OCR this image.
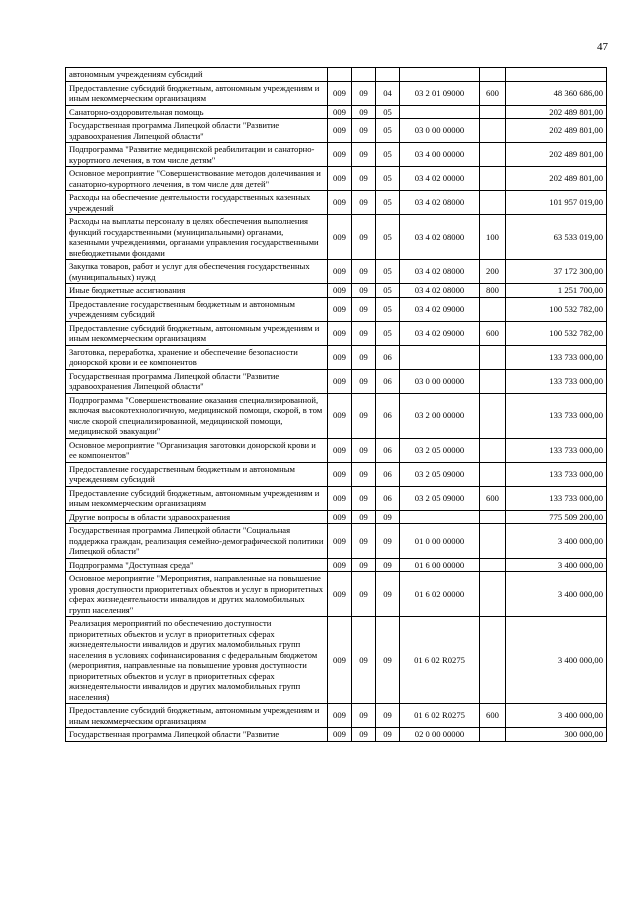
47
автономным учреждениям субсидий						
Предоставление субсидий бюджетным, автономным учреждениям и иным некоммерческим организациям	009	09	04	03 2 01 09000	600	48 360 686,00
Санаторно-оздоровительная помощь	009	09	05			202 489 801,00
Государственная программа Липецкой области "Развитие здравоохранения Липецкой области"	009	09	05	03 0 00 00000		202 489 801,00
Подпрограмма "Развитие медицинской реабилитации и санаторно-курортного лечения, в том числе детям"	009	09	05	03 4 00 00000		202 489 801,00
Основное мероприятие "Совершенствование методов долечивания и санаторно-курортного лечения, в том числе для детей"	009	09	05	03 4 02 00000		202 489 801,00
Расходы на обеспечение деятельности государственных казенных учреждений	009	09	05	03 4 02 08000		101 957 019,00
Расходы на выплаты персоналу в целях обеспечения выполнения функций государственными (муниципальными) органами, казенными учреждениями, органами управления государственными внебюджетными фондами	009	09	05	03 4 02 08000	100	63 533 019,00
Закупка товаров, работ и услуг для обеспечения государственных (муниципальных) нужд	009	09	05	03 4 02 08000	200	37 172 300,00
Иные бюджетные ассигнования	009	09	05	03 4 02 08000	800	1 251 700,00
Предоставление государственным бюджетным и автономным учреждениям субсидий	009	09	05	03 4 02 09000		100 532 782,00
Предоставление субсидий бюджетным, автономным учреждениям и иным некоммерческим организациям	009	09	05	03 4 02 09000	600	100 532 782,00
Заготовка, переработка, хранение и обеспечение безопасности донорской крови и ее компонентов	009	09	06			133 733 000,00
Государственная программа Липецкой области "Развитие здравоохранения Липецкой области"	009	09	06	03 0 00 00000		133 733 000,00
Подпрограмма "Совершенствование оказания специализированной, включая высокотехнологичную, медицинской помощи, скорой, в том числе скорой специализированной, медицинской помощи, медицинской эвакуации"	009	09	06	03 2 00 00000		133 733 000,00
Основное мероприятие "Организация заготовки донорской крови и ее компонентов"	009	09	06	03 2 05 00000		133 733 000,00
Предоставление государственным бюджетным и автономным учреждениям субсидий	009	09	06	03 2 05 09000		133 733 000,00
Предоставление субсидий бюджетным, автономным учреждениям и иным некоммерческим организациям	009	09	06	03 2 05 09000	600	133 733 000,00
Другие вопросы в области здравоохранения	009	09	09			775 509 200,00
Государственная программа Липецкой области "Социальная поддержка граждан, реализация семейно-демографической политики Липецкой области"	009	09	09	01 0 00 00000		3 400 000,00
Подпрограмма "Доступная среда"	009	09	09	01 6 00 00000		3 400 000,00
Основное мероприятие "Мероприятия, направленные на повышение уровня доступности приоритетных объектов и услуг в приоритетных сферах жизнедеятельности инвалидов и других маломобильных групп населения"	009	09	09	01 6 02 00000		3 400 000,00
Реализация мероприятий по обеспечению доступности приоритетных объектов и услуг в приоритетных сферах жизнедеятельности инвалидов и других маломобильных групп населения в условиях софинансирования с федеральным бюджетом (мероприятия, направленные на повышение уровня доступности приоритетных объектов и услуг в приоритетных сферах жизнедеятельности инвалидов и других маломобильных групп населения)	009	09	09	01 6 02 R0275		3 400 000,00
Предоставление субсидий бюджетным, автономным учреждениям и иным некоммерческим организациям	009	09	09	01 6 02 R0275	600	3 400 000,00
Государственная программа Липецкой области "Развитие	009	09	09	02 0 00 00000		300 000,00
